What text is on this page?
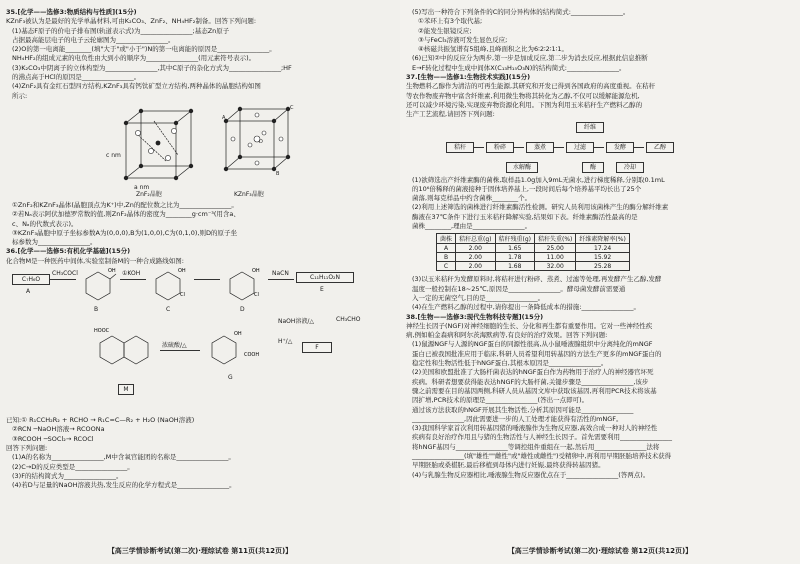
35.[化学——选修3:物质结构与性质](15分)
KZnF₃被认为是最好的光学单晶材料,可由K₂CO₃、ZnF₂、NH₄HF₂制备。回答下列问题:
(1)基态F原子的价电子排布图(轨道表示式)为________________;基态Zn原子
占据最高能层电子的电子云轮廓图为________________。
(2)O的第一电离能________(填"大于"或"小于")N的第一电离能的原因是________________。
NH₄HF₂的组成元素的电负性由大到小的顺序为________________(用元素符号表示)。
(3)K₂CO₃中阴离子的立体构型为________________,其中C原子的杂化方式为________________;HF
的沸点高于HCl的原因是________________。
(4)ZnF₂具有金红石型四方结构,KZnF₃具有钙钛矿型立方结构,两种晶体的晶胞结构如图
所示:
c nm
a nm
A
B
C
D
ZnF₂晶胞	KZnF₃晶胞
①ZnF₂和KZnF₃晶体(晶胞顶点为K⁺)中,Zn的配位数之比为________________。
②若Nₐ表示阿伏加德罗常数的值,则ZnF₂晶体的密度为________g·cm⁻³(用含a、
c、Nₐ的代数式表示)。
③KZnF₃晶胞中原子坐标参数A为(0,0,0),B为(1,0,0),C为(0,1,0),则D的原子坐
标参数为________________。
36.[化学——选修5:有机化学基础](15分)
化合物M是一种医药中间体,实验室制备M的一种合成路线如图:
C₇H₆O
A
CH₃COCl	OH
B
①KOH	OH
Cl
C
OH
Cl
D
NaCN
C₁₁H₁₁O₂N
E
NaOH溶液/△	CH₃CHO
F
H⁺/△
OH
COOH
G
浓硫酸/△
HOOC
M
已知:① R₁CCH₂R₂ + RCHO → R₁C=C—R₂ + H₂O (NaOH溶液)
②RCN ─NaOH溶液→ RCOONa
③RCOOH ─SOCl₂→ RCOCl
回答下列问题:
(1)A的名称为________________,M中含氧官能团的名称是________________。
(2)C→D的反应类型是________________。
(3)F的结构简式为________________。
(4)若D与足量的NaOH溶液共热,发生反应的化学方程式是________________。
【高三学情诊断考试(第二次)·理综试卷 第11页(共12页)】
(5)写出一种符合下列条件的C的同分异构体的结构简式:________________。
①苯环上有3个取代基;
②能发生银镜反应;
③与FeCl₃溶液可发生显色反应;
④核磁共振氢谱有5组峰,且峰面积之比为6∶2∶2∶1∶1。
(6)已知②中的反应分为两步,第一步是加成反应,第二步为消去反应,根据此信息推断
E→F转化过程中生成中间体X(C₁₃H₁₅O₃N)的结构简式:________________。
37.[生物——选修1:生物技术实践](15分)
生物燃料乙醇作为清洁的可再生能源,其研究和开发已得到各国政府的高度重视。在秸秆
等农作物废弃物中富含纤维素,利用微生物将其转化为乙醇,不仅可以缓解能源危机,
还可以减少环境污染,实现废弃物资源化利用。下图为利用玉米秸秆生产燃料乙醇的
生产工艺流程,请回答下列问题:
纤维
秸秆	粉碎	蒸煮	过滤	发酵	乙醇
水解酶	酶	冷却
(1)欲筛选出产纤维素酶的菌株,取样品1.0g加入9mL无菌水,进行梯度稀释,分别取0.1mL
的10⁶倍稀释的菌液接种于固体培养基上,一段时间后每个培养基平均长出了25个
菌落,则每克样品中约含菌株________个。
(2)利用上述筛选的菌株进行纤维素酶活性检测。研究人员利用该菌株产生的酶分解纤维素
酶液在37℃条件下进行玉米秸秆降解实验,结果如下表。纤维素酶活性最高的是
菌株________,理由是________________。
菌株	秸秆总重(g)	秸秆残重(g)	秸秆失重(%)	纤维素降解率(%)
A	2.00	1.65	25.00	17.24
B	2.00	1.78	11.00	15.92
C	2.00	1.68	32.00	25.28
(3)以玉米秸秆为发酵原料时,将秸秆进行粉碎、蒸煮、过滤等处理,再发酵产生乙醇,发酵
温度一般控制在18~25℃,原因是________________。酵母菌发酵前需要通
入一定的无菌空气,目的是________________。
(4)在生产燃料乙醇的过程中,请你提出一条降低成本的措施:________________。
38.[生物——选修3:现代生物科技专题](15分)
神经生长因子(NGF)对神经细胞的生长、分化和再生都有重要作用。它对一些神经性疾
病,例如帕金森病和阿尔茨海默病等,有良好的治疗效果。回答下列问题:
(1)鼠源NGF与人源的NGF蛋白的同源性很高,从小鼠唾液腺组织中分离纯化的mNGF
蛋白已被我国批准应用于临床,科研人员希望利用转基因的方法生产更多的mNGF蛋白的
稳定性和生物活性低于hNGF蛋白,其根本原因是________________。
(2)美国和欧盟批准了大肠杆菌表达的hNGF蛋白作为药物用于治疗人的神经器官坏死
疾病。科研者想要获得能表达hNGF的大肠杆菌,关键步骤是________________,该步
骤之前需要在目的基因两侧,科研人员从基因文库中获取该基因,再利用PCR技术将该基
因扩增,PCR技术的原理是________________(答出一点即可)。
通过该方法获取的hNGF开展其生物活性,分析其原因可能是________________
________________,因此需要进一步的人工处理才能获得有活性的mNGF。
(3)我国科学家首次利用转基因猪的唾液腺作为生物反应器,高效合成一种对人的神经性
疾病有良好治疗作用且与猪的生物活性与人神经生长因子。首先需要利用________________
将hNGF基因与________________等调控组件重组在一起,然后用________________法将
________________(填"雄性""雌性"或"雄性或雌性")受精卵中,再利用早期胚胎培养技术获得
早期胚胎或桑椹胚,最后移植到母体内进行妊娠,最终获得转基因猪。
(4)与乳腺生物反应器相比,唾液腺生物反应器优点在于________________(答两点)。
【高三学情诊断考试(第二次)·理综试卷 第12页(共12页)】
